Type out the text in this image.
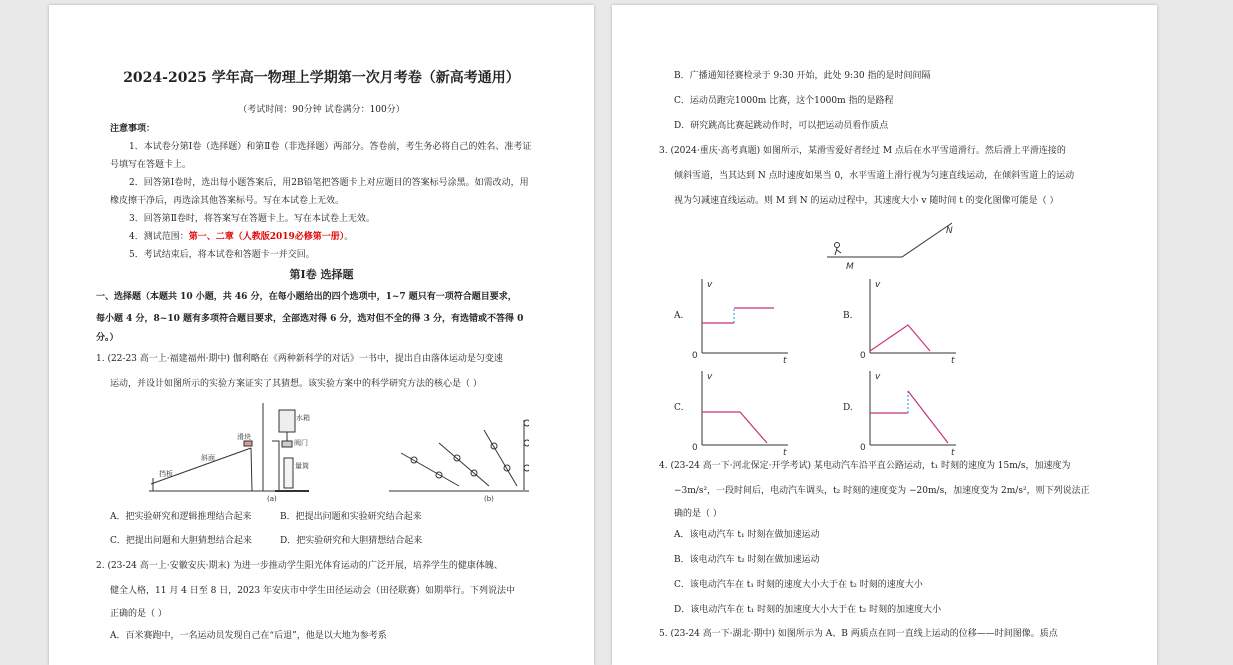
2024-2025 学年高一物理上学期第一次月考卷（新高考通用）
（考试时间：90分钟 试卷满分：100分）
注意事项：
1．本试卷分第Ⅰ卷（选择题）和第Ⅱ卷（非选择题）两部分。答卷前，考生务必将自己的姓名、准考证
号填写在答题卡上。
2．回答第Ⅰ卷时，选出每小题答案后，用2B铅笔把答题卡上对应题目的答案标号涂黑。如需改动，用
橡皮擦干净后，再选涂其他答案标号。写在本试卷上无效。
3．回答第Ⅱ卷时，将答案写在答题卡上。写在本试卷上无效。
4．测试范围：第一、二章（人教版2019必修第一册）。
5．考试结束后，将本试卷和答题卡一并交回。
第Ⅰ卷 选择题
一、选择题（本题共 10 小题，共 46 分，在每小题给出的四个选项中，1~7 题只有一项符合题目要求，
每小题 4 分，8~10 题有多项符合题目要求，全部选对得 6 分，选对但不全的得 3 分，有选错或不答得 0
分。）
1. (22-23 高一上·福建福州·期中) 伽利略在《两种新科学的对话》一书中，提出自由落体运动是匀变速
运动，并设计如图所示的实验方案证实了其猜想。该实验方案中的科学研究方法的核心是（ ）
挡板
斜面
滑块
水箱
阀门
量筒
(a)	(b)
A．把实验研究和逻辑推理结合起来	B．把提出问题和实验研究结合起来
C．把提出问题和大胆猜想结合起来	D．把实验研究和大胆猜想结合起来
2. (23-24 高一上·安徽安庆·期末) 为进一步推动学生阳光体育运动的广泛开展，培养学生的健康体魄、
健全人格，11 月 4 日至 8 日，2023 年安庆市中学生田径运动会（田径联赛）如期举行。下列说法中
正确的是（ ）
A．百米赛跑中，一名运动员发现自己在“后退”，他是以大地为参考系
B．广播通知径赛检录于 9:30 开始，此处 9:30 指的是时间间隔
C．运动员跑完1000m 比赛，这个1000m 指的是路程
D．研究跳高比赛起跳动作时，可以把运动员看作质点
3. (2024·重庆·高考真题) 如图所示，某滑雪爱好者经过 M 点后在水平雪道滑行。然后滑上平滑连接的
倾斜雪道，当其达到 N 点时速度如果当 0，水平雪道上滑行视为匀速直线运动，在倾斜雪道上的运动
视为匀减速直线运动。则 M 到 N 的运动过程中，其速度大小 v 随时间 t 的变化图像可能是（ ）
M
N
A.
v
t
0
B.
v
t
0
C.
v
t
0
D.
v
t
0
4. (23-24 高一下·河北保定·开学考试) 某电动汽车沿平直公路运动，t₁ 时刻的速度为 15m/s，加速度为
−3m/s²，一段时间后，电动汽车调头，t₂ 时刻的速度变为 −20m/s，加速度变为 2m/s²，则下列说法正
确的是（ ）
A．该电动汽车 t₁ 时刻在做加速运动
B．该电动汽车 t₂ 时刻在做加速运动
C．该电动汽车在 t₁ 时刻的速度大小大于在 t₂ 时刻的速度大小
D．该电动汽车在 t₁ 时刻的加速度大小大于在 t₂ 时刻的加速度大小
5. (23-24 高一下·湖北·期中) 如图所示为 A、B 两质点在同一直线上运动的位移——时间图像。质点
